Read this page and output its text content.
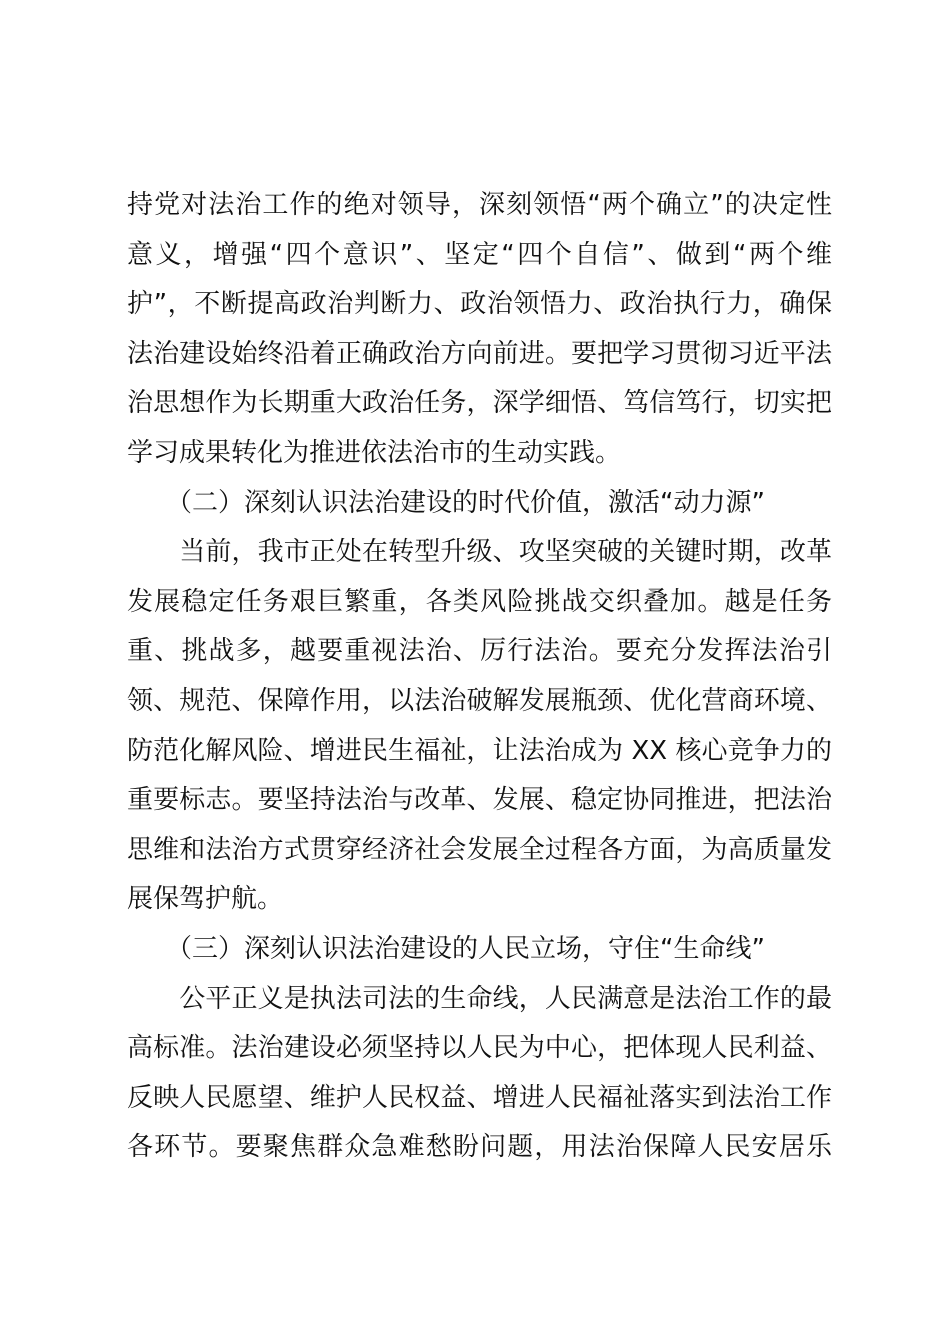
持党对法治工作的绝对领导，深刻领悟“两个确立”的决定性
意义，增强“四个意识”、坚定“四个自信”、做到“两个维
护”，不断提高政治判断力、政治领悟力、政治执行力，确保
法治建设始终沿着正确政治方向前进。要把学习贯彻习近平法
治思想作为长期重大政治任务，深学细悟、笃信笃行，切实把
学习成果转化为推进依法治市的生动实践。
　　（二）深刻认识法治建设的时代价值，激活“动力源”
　　当前，我市正处在转型升级、攻坚突破的关键时期，改革
发展稳定任务艰巨繁重，各类风险挑战交织叠加。越是任务
重、挑战多，越要重视法治、厉行法治。要充分发挥法治引
领、规范、保障作用，以法治破解发展瓶颈、优化营商环境、
防范化解风险、增进民生福祉，让法治成为 XX 核心竞争力的
重要标志。要坚持法治与改革、发展、稳定协同推进，把法治
思维和法治方式贯穿经济社会发展全过程各方面，为高质量发
展保驾护航。
　　（三）深刻认识法治建设的人民立场，守住“生命线”
　　公平正义是执法司法的生命线，人民满意是法治工作的最
高标准。法治建设必须坚持以人民为中心，把体现人民利益、
反映人民愿望、维护人民权益、增进人民福祉落实到法治工作
各环节。要聚焦群众急难愁盼问题，用法治保障人民安居乐
